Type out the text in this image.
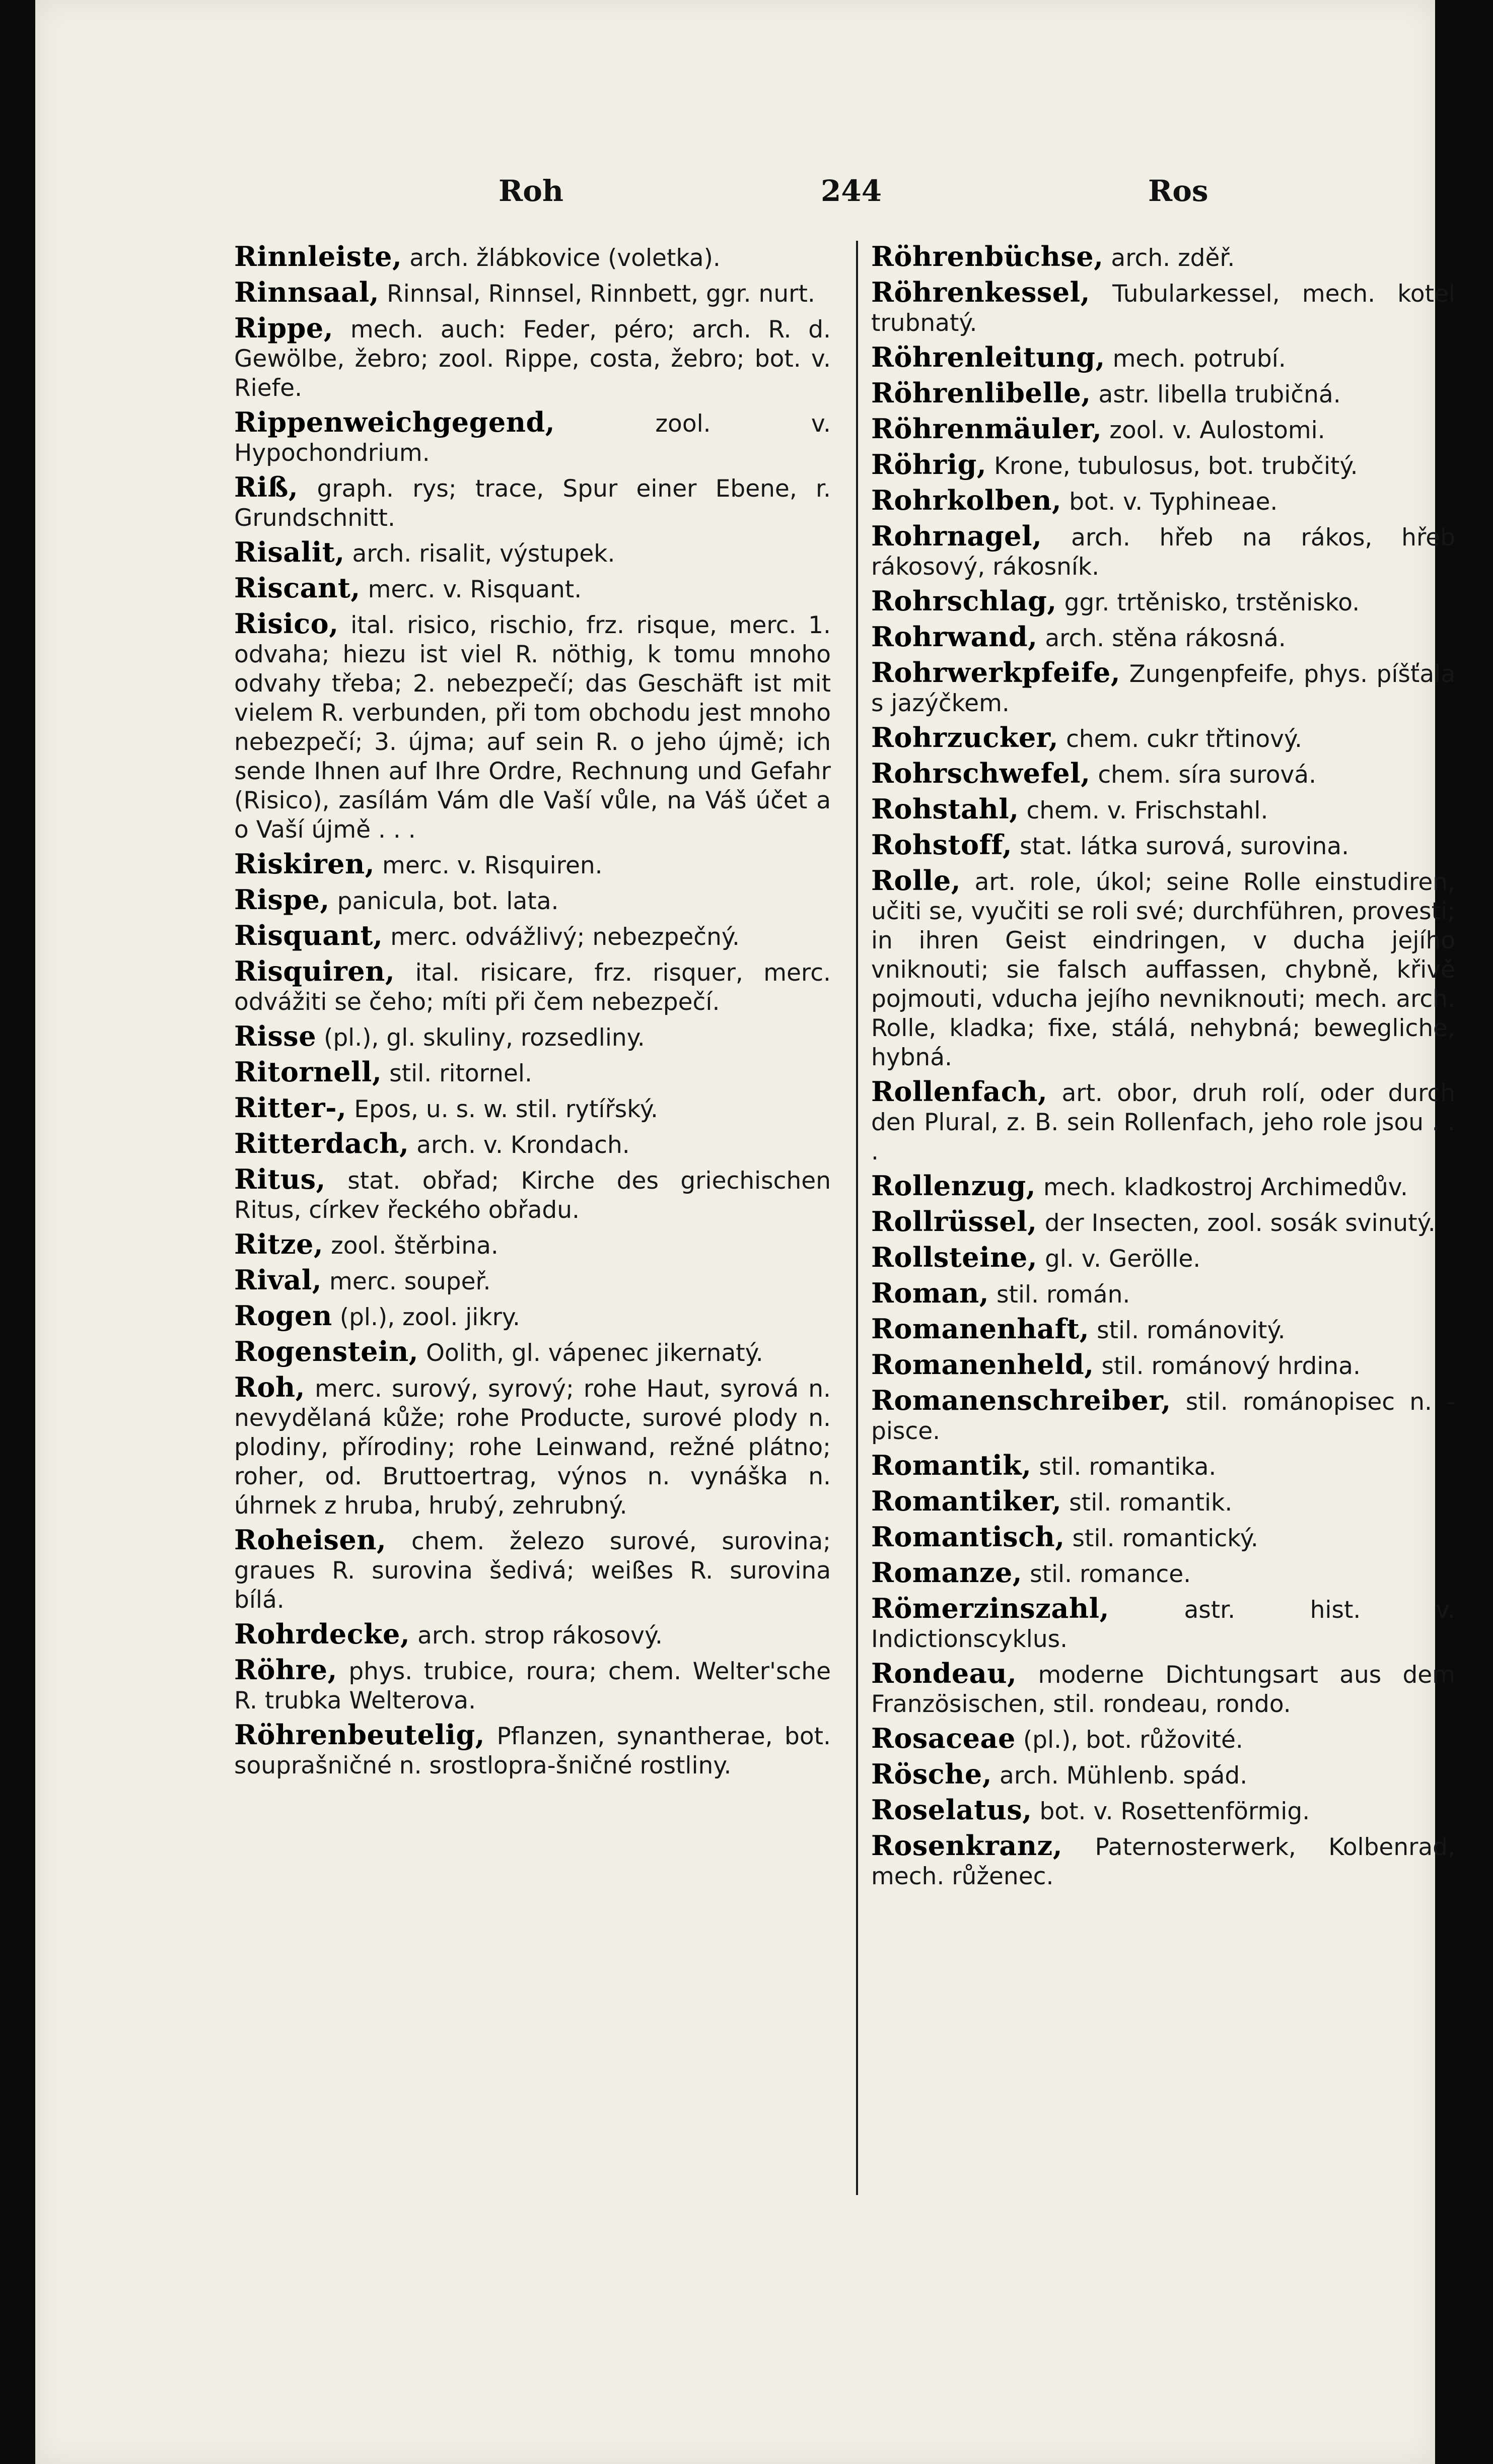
Roh	244	Ros
Rinnleiste, arch. žlábkovice (voletka).
Rinnsaal, Rinnsal, Rinnsel, Rinnbett, ggr. nurt.
Rippe, mech. auch: Feder, péro; arch. R. d. Gewölbe, žebro; zool. Rippe, costa, žebro; bot. v. Riefe.
Rippenweichgegend,	zool. v. Hypochondrium.
Riß, graph. rys; trace, Spur einer Ebene, r. Grundschnitt.
Risalit, arch. risalit, výstupek.
Riscant, merc. v. Risquant.
Risico, ital. risico, rischio, frz. risque, merc. 1. odvaha; hiezu ist viel R. nöthig, k tomu mnoho odvahy třeba; 2. nebezpečí; das Geschäft ist mit vielem R. verbunden, při tom obchodu jest mnoho nebezpečí; 3. újma; auf sein R. o jeho újmě; ich sende Ihnen auf Ihre Ordre, Rechnung und Gefahr (Risico), zasílám Vám dle Vaší vůle, na Váš účet a o Vaší újmě . . .
Riskiren, merc. v. Risquiren.
Rispe, panicula, bot. lata.
Risquant, merc. odvážlivý; nebezpečný.
Risquiren, ital. risicare, frz. risquer, merc. odvážiti se čeho; míti při čem nebezpečí.
Risse (pl.), gl. skuliny, rozsedliny.
Ritornell, stil. ritornel.
Ritter-, Epos, u. s. w. stil. rytířský.
Ritterdach, arch. v. Krondach.
Ritus, stat. obřad; Kirche des griechischen Ritus, církev řeckého obřadu.
Ritze, zool. štěrbina.
Rival, merc. soupeř.
Rogen (pl.), zool. jikry.
Rogenstein, Oolith, gl. vápenec jikernatý.
Roh, merc. surový, syrový; rohe Haut, syrová n. nevydělaná kůže; rohe Producte, surové plody n. plodiny, přírodiny; rohe Leinwand, režné plátno; roher, od. Bruttoertrag, výnos n. vynáška n. úhrnek z hruba, hrubý, zehrubný.
Roheisen, chem. železo surové, surovina; graues R. surovina šedivá; weißes R. surovina bílá.
Rohrdecke, arch. strop rákosový.
Röhre, phys. trubice, roura; chem. Welter'sche R. trubka Welterova.
Röhrenbeutelig, Pflanzen, synantherae, bot. souprašničné n. srostlopra-šničné rostliny.
Röhrenbüchse, arch. zděř.
Röhrenkessel, Tubularkessel, mech. kotel trubnatý.
Röhrenleitung, mech. potrubí.
Röhrenlibelle, astr. libella trubičná.
Röhrenmäuler, zool. v. Aulostomi.
Röhrig, Krone, tubulosus, bot. trubčitý.
Rohrkolben, bot. v. Typhineae.
Rohrnagel, arch. hřeb na rákos, hřeb rákosový, rákosník.
Rohrschlag, ggr. trtěnisko, trstěnisko.
Rohrwand, arch. stěna rákosná.
Rohrwerkpfeife, Zungenpfeife, phys. píšťala s jazýčkem.
Rohrzucker, chem. cukr třtinový.
Rohrschwefel, chem. síra surová.
Rohstahl, chem. v. Frischstahl.
Rohstoff, stat. látka surová, surovina.
Rolle, art. role, úkol; seine Rolle einstudiren, učiti se, vyučiti se roli své; durchführen, provesti; in ihren Geist eindringen, v ducha jejího vniknouti; sie falsch auffassen, chybně, křivě pojmouti, vducha jejího nevniknouti; mech. arch. Rolle, kladka; fixe, stálá, nehybná; bewegliche, hybná.
Rollenfach, art. obor, druh rolí, oder durch den Plural, z. B. sein Rollenfach, jeho role jsou . . .
Rollenzug, mech. kladkostroj Archimedův.
Rollrüssel, der Insecten, zool. sosák svinutý.
Rollsteine, gl. v. Gerölle.
Roman, stil. román.
Romanenhaft, stil. románovitý.
Romanenheld, stil. románový hrdina.
Romanenschreiber, stil. románopisec n. -pisce.
Romantik, stil. romantika.
Romantiker, stil. romantik.
Romantisch, stil. romantický.
Romanze, stil. romance.
Römerzinszahl,	astr. hist. v. Indictionscyklus.
Rondeau, moderne Dichtungsart aus dem Französischen, stil. rondeau, rondo.
Rosaceae (pl.), bot. růžovité.
Rösche, arch. Mühlenb. spád.
Roselatus, bot. v. Rosettenförmig.
Rosenkranz, Paternosterwerk, Kolbenrad, mech. růženec.
